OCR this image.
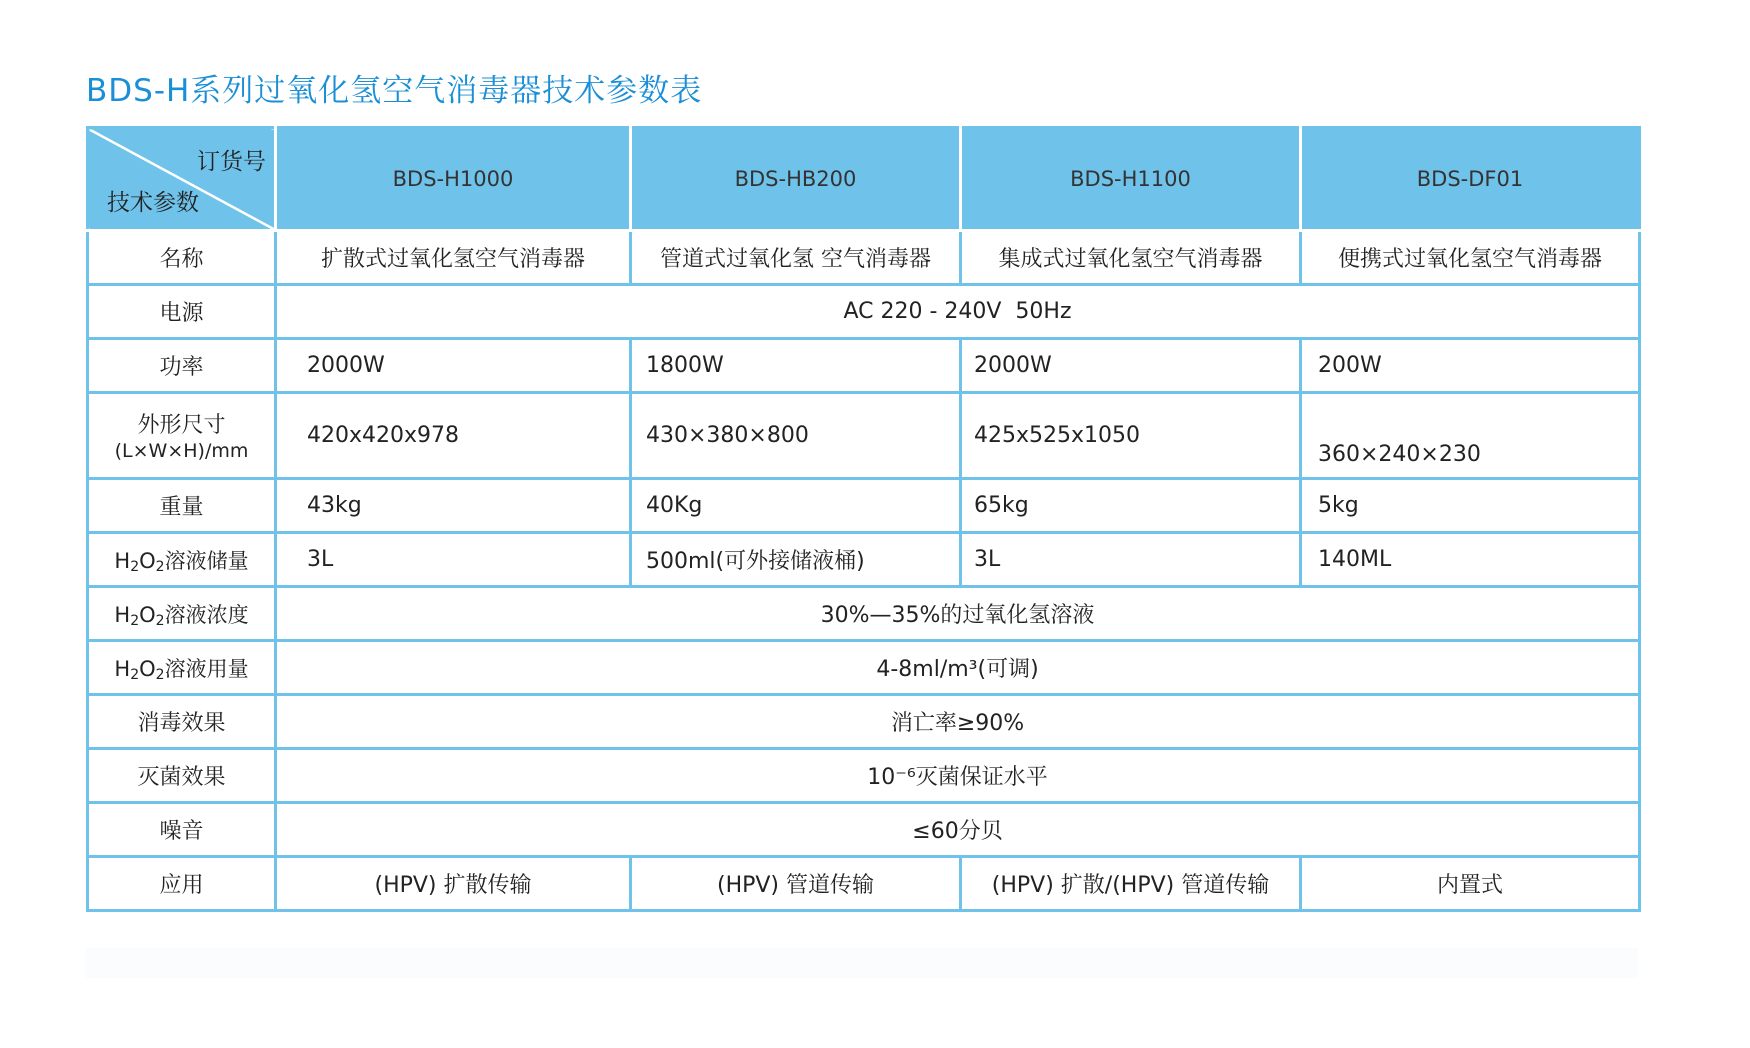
BDS-H系列过氧化氢空气消毒器技术参数表
订货号
技术参数	BDS-H1000	BDS-HB200	BDS-H1100	BDS-DF01
名称	扩散式过氧化氢空气消毒器	管道式过氧化氢 空气消毒器	集成式过氧化氢空气消毒器	便携式过氧化氢空气消毒器
电源	AC 220 - 240V  50Hz			
功率	2000W	1800W	2000W	200W
外形尺寸
(L×W×H)/mm	420x420x978	430×380×800	425x525x1050	360×240×230
重量	43kg	40Kg	65kg	5kg
$H_2O_2$溶液储量	3L	500ml(可外接储液桶)	3L	140ML
$H_2O_2$溶液浓度	30%—35%的过氧化氢溶液			
$H_2O_2$溶液用量	4-8ml/m³(可调)			
消毒效果	消亡率≥90%			
灭菌效果	10⁻⁶灭菌保证水平			
噪音	≤60分贝			
应用	(HPV) 扩散传输	(HPV) 管道传输	(HPV) 扩散/(HPV) 管道传输	内置式
